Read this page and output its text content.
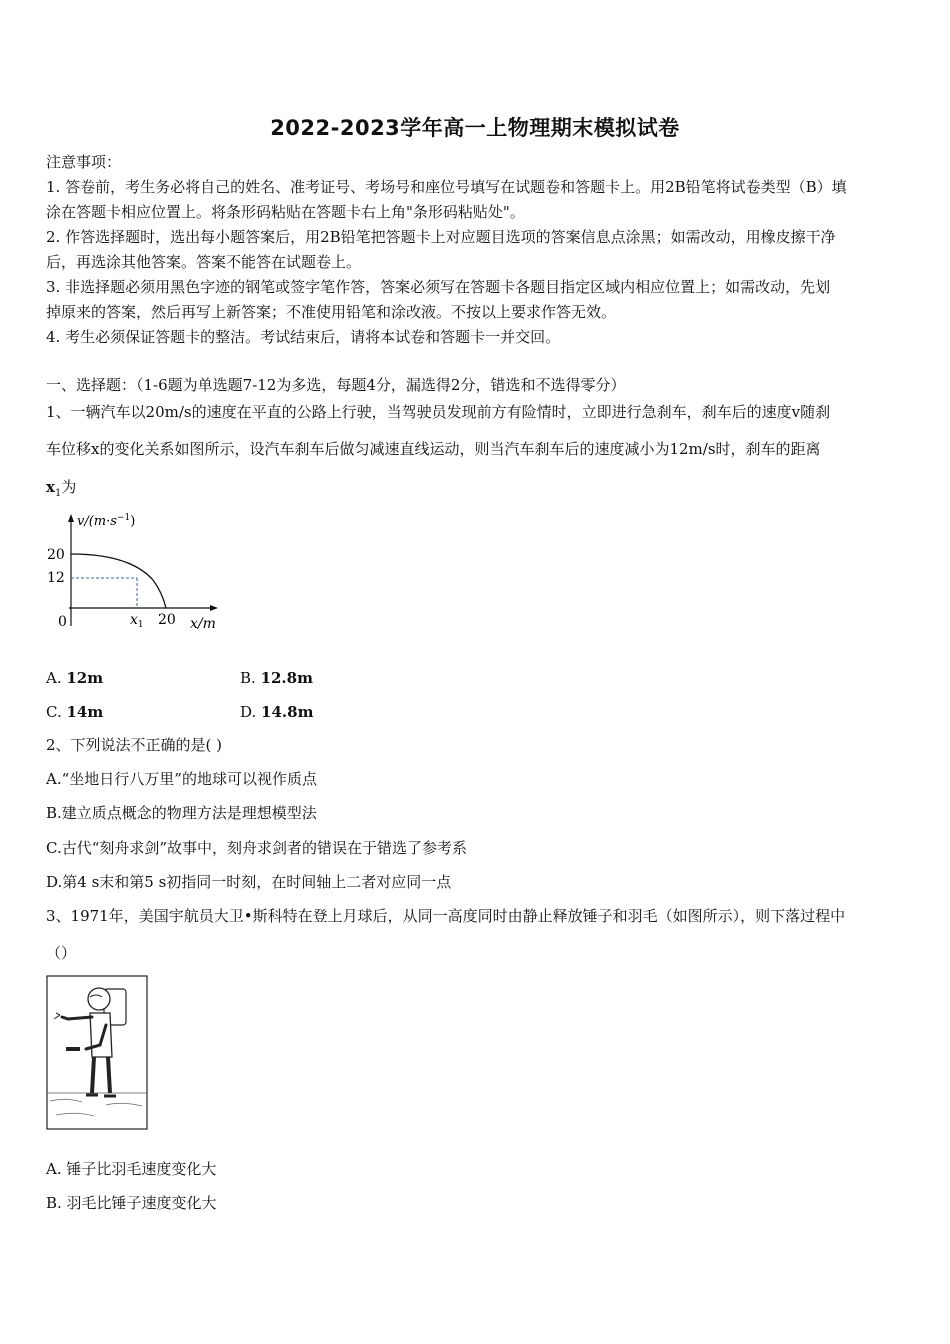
2022-2023学年高一上物理期末模拟试卷
注意事项：
1. 答卷前，考生务必将自己的姓名、准考证号、考场号和座位号填写在试题卷和答题卡上。用2B铅笔将试卷类型（B）填
涂在答题卡相应位置上。将条形码粘贴在答题卡右上角"条形码粘贴处"。
2. 作答选择题时，选出每小题答案后，用2B铅笔把答题卡上对应题目选项的答案信息点涂黑；如需改动，用橡皮擦干净
后，再选涂其他答案。答案不能答在试题卷上。
3. 非选择题必须用黑色字迹的钢笔或签字笔作答，答案必须写在答题卡各题目指定区域内相应位置上；如需改动，先划
掉原来的答案，然后再写上新答案；不准使用铅笔和涂改液。不按以上要求作答无效。
4. 考生必须保证答题卡的整洁。考试结束后，请将本试卷和答题卡一并交回。
一、选择题：（1-6题为单选题7-12为多选，每题4分，漏选得2分，错选和不选得零分）
1、一辆汽车以20m/s的速度在平直的公路上行驶，当驾驶员发现前方有险情时，立即进行急刹车，刹车后的速度v随刹
车位移x的变化关系如图所示，设汽车刹车后做匀减速直线运动，则当汽车刹车后的速度减小为12m/s时，刹车的距离
$x_1$为
$v/(m\cdot s^{-1})$
20
12
0	$x_1$ 20 x/m
A. 12m	B. 12.8m
C. 14m	D. 14.8m
2、下列说法不正确的是( )
A.“坐地日行八万里”的地球可以视作质点
B.建立质点概念的物理方法是理想模型法
C.古代“刻舟求剑”故事中，刻舟求剑者的错误在于错选了参考系
D.第4 s末和第5 s初指同一时刻，在时间轴上二者对应同一点
3、1971年，美国宇航员大卫•斯科特在登上月球后，从同一高度同时由静止释放锤子和羽毛（如图所示），则下落过程中
（）
A. 锤子比羽毛速度变化大
B. 羽毛比锤子速度变化大
